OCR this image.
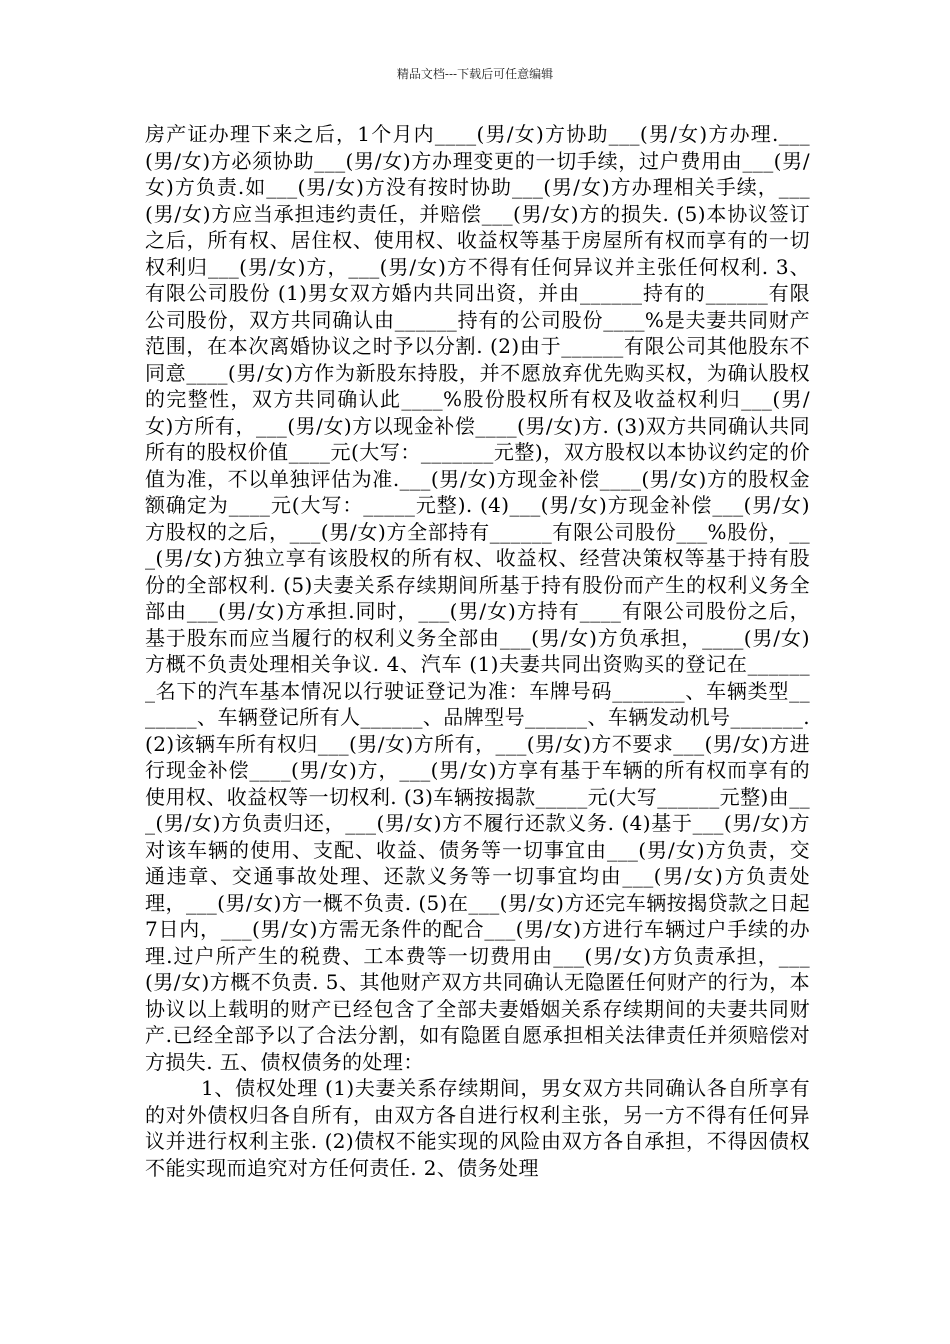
精品文档---下载后可任意编辑

房产证办理下来之后，1个月内____(男/女)方协助___(男/女)方办理.___(男/女)方必须协助___(男/女)方办理变更的一切手续，过户费用由___(男/女)方负责.如___(男/女)方没有按时协助___(男/女)方办理相关手续，___(男/女)方应当承担违约责任，并赔偿___(男/女)方的损失. (5)本协议签订之后，所有权、居住权、使用权、收益权等基于房屋所有权而享有的一切权利归___(男/女)方，___(男/女)方不得有任何异议并主张任何权利. 3、有限公司股份 (1)男女双方婚内共同出资，并由______持有的______有限公司股份，双方共同确认由______持有的公司股份____%是夫妻共同财产范围，在本次离婚协议之时予以分割. (2)由于______有限公司其他股东不同意____(男/女)方作为新股东持股，并不愿放弃优先购买权，为确认股权的完整性，双方共同确认此____%股份股权所有权及收益权利归___(男/女)方所有，___(男/女)方以现金补偿____(男/女)方. (3)双方共同确认共同所有的股权价值____元(大写：_______元整)，双方股权以本协议约定的价值为准，不以单独评估为准.___(男/女)方现金补偿____(男/女)方的股权金额确定为____元(大写：_____元整). (4)___(男/女)方现金补偿___(男/女)方股权的之后，___(男/女)方全部持有______有限公司股份___%股份，___(男/女)方独立享有该股权的所有权、收益权、经营决策权等基于持有股份的全部权利. (5)夫妻关系存续期间所基于持有股份而产生的权利义务全部由___(男/女)方承担.同时，___(男/女)方持有____有限公司股份之后，基于股东而应当履行的权利义务全部由___(男/女)方负承担，____(男/女)方概不负责处理相关争议. 4、汽车 (1)夫妻共同出资购买的登记在_______名下的汽车基本情况以行驶证登记为准：车牌号码_______、车辆类型_______、车辆登记所有人______、品牌型号______、车辆发动机号_______. (2)该辆车所有权归___(男/女)方所有，___(男/女)方不要求___(男/女)方进行现金补偿____(男/女)方，___(男/女)方享有基于车辆的所有权而享有的使用权、收益权等一切权利. (3)车辆按揭款_____元(大写______元整)由___(男/女)方负责归还，___(男/女)方不履行还款义务. (4)基于___(男/女)方对该车辆的使用、支配、收益、债务等一切事宜由___(男/女)方负责，交通违章、交通事故处理、还款义务等一切事宜均由___(男/女)方负责处理，___(男/女)方一概不负责. (5)在___(男/女)方还完车辆按揭贷款之日起7日内，___(男/女)方需无条件的配合___(男/女)方进行车辆过户手续的办理.过户所产生的税费、工本费等一切费用由___(男/女)方负责承担，___(男/女)方概不负责. 5、其他财产双方共同确认无隐匿任何财产的行为，本协议以上载明的财产已经包含了全部夫妻婚姻关系存续期间的夫妻共同财产.已经全部予以了合法分割，如有隐匿自愿承担相关法律责任并须赔偿对方损失. 五、债权债务的处理：

1、债权处理 (1)夫妻关系存续期间，男女双方共同确认各自所享有的对外债权归各自所有，由双方各自进行权利主张，另一方不得有任何异议并进行权利主张. (2)债权不能实现的风险由双方各自承担，不得因债权不能实现而追究对方任何责任. 2、债务处理
